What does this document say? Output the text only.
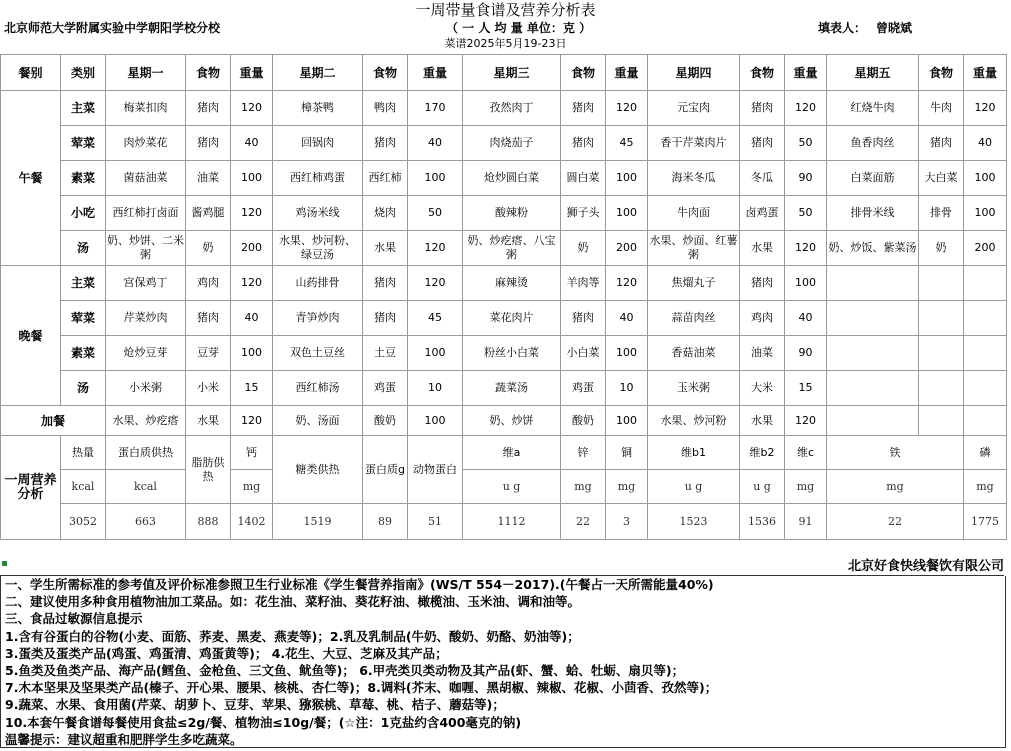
一周带量食谱及营养分析表
北京师范大学附属实验中学朝阳学校分校	（ 一 人 均 量 单位：克 ）	填表人： 曾晓斌
菜谱2025年5月19-23日
餐别	类别	星期一	食物	重量	星期二	食物	重量	星期三	食物	重量	星期四	食物	重量	星期五	食物	重量	
午餐	主菜	梅菜扣肉	猪肉	120	樟茶鸭	鸭肉	170	孜然肉丁	猪肉	120	元宝肉	猪肉	120	红烧牛肉	牛肉	120	
	荤菜	肉炒菜花	猪肉	40	回锅肉	猪肉	40	肉烧茄子	猪肉	45	香干芹菜肉片	猪肉	50	鱼香肉丝	猪肉	40	
	素菜	菌菇油菜	油菜	100	西红柿鸡蛋	西红柿	100	炝炒圆白菜	圆白菜	100	海米冬瓜	冬瓜	90	白菜面筋	大白菜	100	
	小吃	西红柿打卤面	酱鸡腿	120	鸡汤米线	烧肉	50	酸辣粉	狮子头	100	牛肉面	卤鸡蛋	50	排骨米线	排骨	100	
	汤	奶、炒饼、二米粥	奶	200	水果、炒河粉、绿豆汤	水果	120	奶、炒疙瘩、八宝粥	奶	200	水果、炒面、红薯粥	水果	120	奶、炒饭、紫菜汤	奶	200	
晚餐	主菜	宫保鸡丁	鸡肉	120	山药排骨	猪肉	120	麻辣烫	羊肉等	120	焦熘丸子	猪肉	100				
	荤菜	芹菜炒肉	猪肉	40	青笋炒肉	猪肉	45	菜花肉片	猪肉	40	蒜苗肉丝	鸡肉	40				
	素菜	炝炒豆芽	豆芽	100	双色土豆丝	土豆	100	粉丝小白菜	小白菜	100	香菇油菜	油菜	90				
	汤	小米粥	小米	15	西红柿汤	鸡蛋	10	蔬菜汤	鸡蛋	10	玉米粥	大米	15				
加餐		水果、炒疙瘩	水果	120	奶、汤面	酸奶	100	奶、炒饼	酸奶	100	水果、炒河粉	水果	120				
一周营养分析	热量	蛋白质供热	脂肪供热	钙	糖类供热	蛋白质g	动物蛋白	维a	锌	铜	维b1	维b2	维c	铁		磷	
	kcal	kcal		mg				u g	mg	mg	u g	u g	mg	mg		mg	
	3052	663	888	1402	1519	89	51	1112	22	3	1523	1536	91	22		1775	
北京好食快线餐饮有限公司
一、学生所需标准的参考值及评价标准参照卫生行业标准《学生餐营养指南》(WS/T 554－2017).(午餐占一天所需能量40%)
二、建议使用多种食用植物油加工菜品。如：花生油、菜籽油、葵花籽油、橄榄油、玉米油、调和油等。
三、食品过敏源信息提示
1.含有谷蛋白的谷物(小麦、面筋、荞麦、黑麦、燕麦等)；2.乳及乳制品(牛奶、酸奶、奶酪、奶油等)；
3.蛋类及蛋类产品(鸡蛋、鸡蛋清、鸡蛋黄等)； 4.花生、大豆、芝麻及其产品；
5.鱼类及鱼类产品、海产品(鳕鱼、金枪鱼、三文鱼、鱿鱼等)； 6.甲壳类贝类动物及其产品(虾、蟹、蛤、牡蛎、扇贝等)；
7.木本坚果及坚果类产品(榛子、开心果、腰果、核桃、杏仁等)；8.调料(芥末、咖喱、黑胡椒、辣椒、花椒、小茴香、孜然等)；
9.蔬菜、水果、食用菌(芹菜、胡萝卜、豆芽、苹果、猕猴桃、草莓、桃、桔子、蘑菇等)；
10.本套午餐食谱每餐使用食盐≤2g/餐、植物油≤10g/餐；(☆注：1克盐约含400毫克的钠)
温馨提示：建议超重和肥胖学生多吃蔬菜。
